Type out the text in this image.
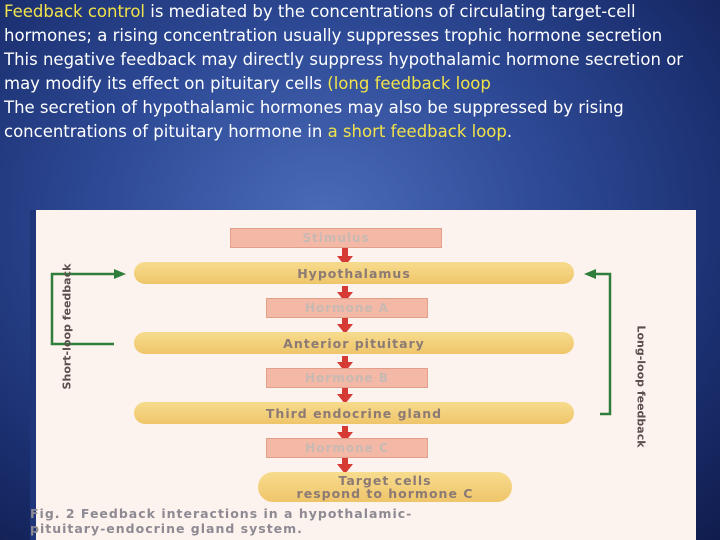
Feedback control is mediated by the concentrations of circulating target-cell hormones; a rising concentration usually suppresses trophic hormone secretion

This negative feedback may directly suppress hypothalamic hormone secretion or may modify its effect on pituitary cells (long feedback loop

The secretion of hypothalamic hormones may also be suppressed by rising concentrations of pituitary hormone in a short feedback loop.

Stimulus
Hypothalamus
Hormone A
Anterior pituitary
Hormone B
Third endocrine gland
Hormone C
Target cells
respond to hormone C
Short-loop feedback	Long-loop feedback
Fig. 2 Feedback interactions in a hypothalamic-
pituitary-endocrine gland system.
